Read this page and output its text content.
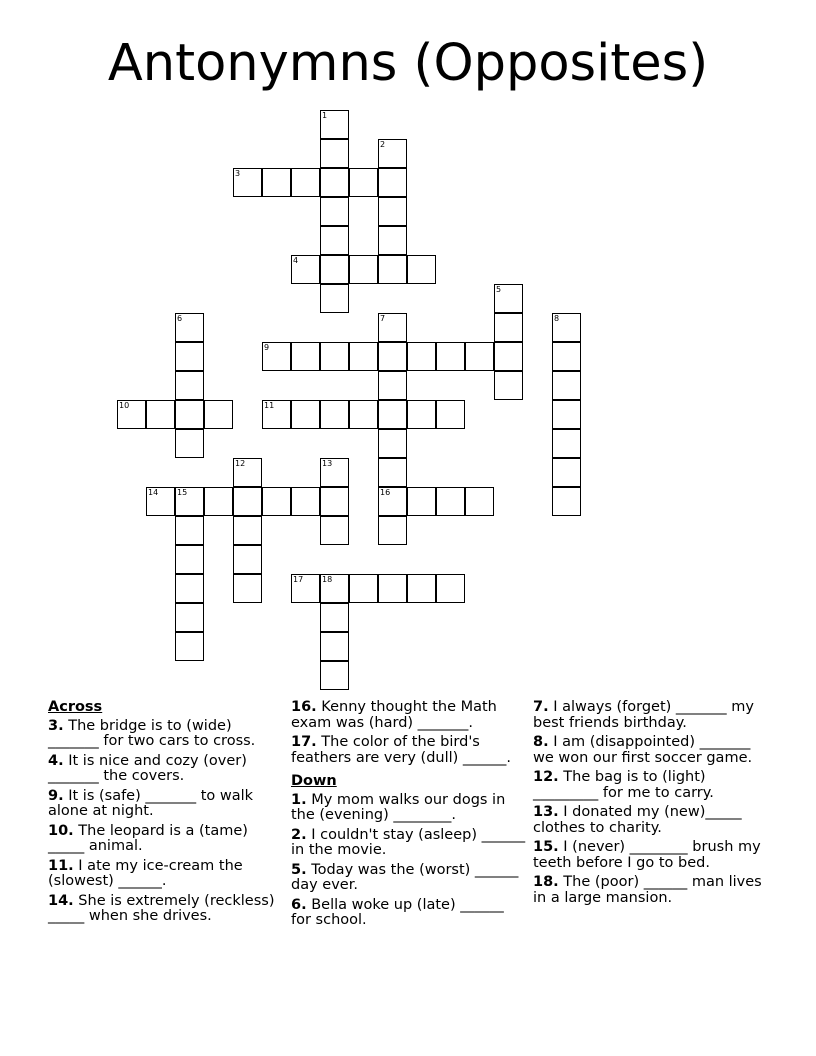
Antonymns (Opposites)
3
4
9
10	11
14 15	16
17 18
1
2
5
6	7	8
12	13
Across
3. The bridge is to (wide) _______ for two cars to cross.
4. It is nice and cozy (over) _______ the covers.
9. It is (safe) _______ to walk alone at night.
10. The leopard is a (tame) _____ animal.
11. I ate my ice-cream the (slowest) ______.
14. She is extremely (reckless) _____ when she drives.
16. Kenny thought the Math exam was (hard) _______.
17. The color of the bird's feathers are very (dull) ______.
Down
1. My mom walks our dogs in the (evening) ________.
2. I couldn't stay (asleep) ______ in the movie.
5. Today was the (worst) ______ day ever.
6. Bella woke up (late) ______ for school.
7. I always (forget) _______ my best friends birthday.
8. I am (disappointed) _______ we won our first soccer game.
12. The bag is to (light) _________ for me to carry.
13. I donated my (new)_____ clothes to charity.
15. I (never) ________ brush my teeth before I go to bed.
18. The (poor) ______ man lives in a large mansion.
